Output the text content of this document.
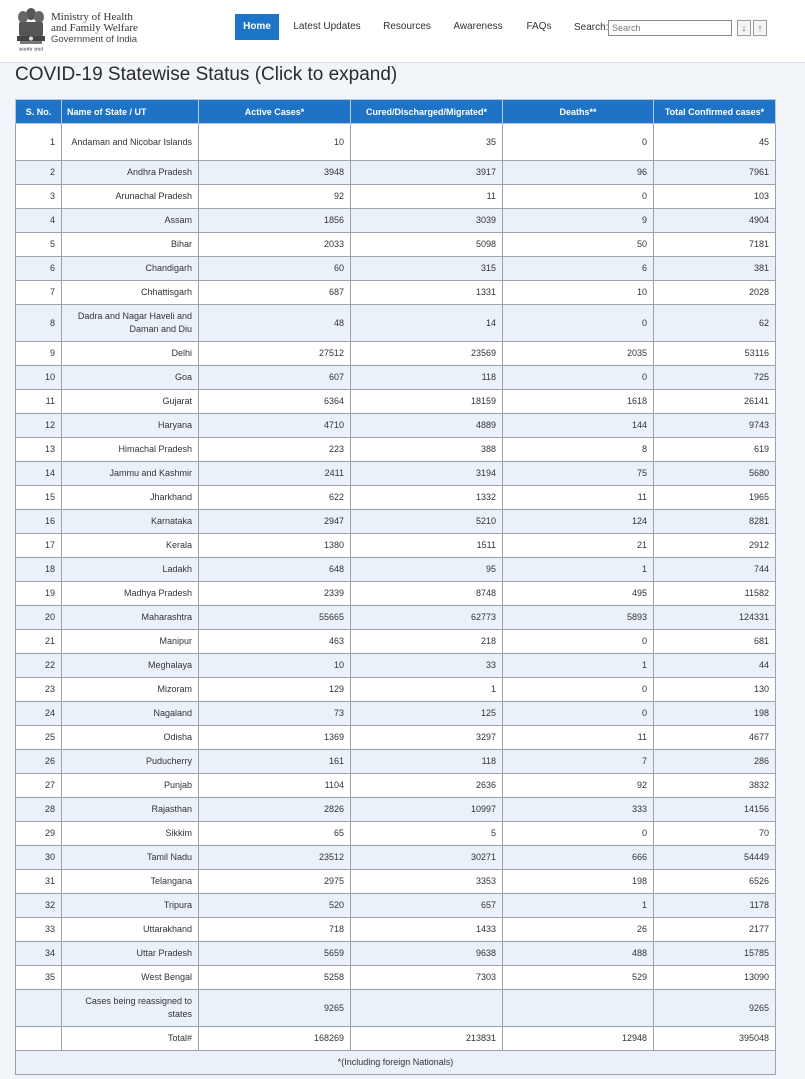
सत्यमेव जयते
Ministry of Health
and Family Welfare
Government of India
Home	Latest Updates	Resources	Awareness	FAQs	Search:
Search	↓	↑
COVID-19 Statewise Status (Click to expand)
S. No.	Name of State / UT	Active Cases*	Cured/Discharged/Migrated*	Deaths**	Total Confirmed cases*
1	Andaman and Nicobar Islands	10	35	0	45
2	Andhra Pradesh	3948	3917	96	7961
3	Arunachal Pradesh	92	11	0	103
4	Assam	1856	3039	9	4904
5	Bihar	2033	5098	50	7181
6	Chandigarh	60	315	6	381
7	Chhattisgarh	687	1331	10	2028
8	Dadra and Nagar Haveli and Daman and Diu	48	14	0	62
9	Delhi	27512	23569	2035	53116
10	Goa	607	118	0	725
11	Gujarat	6364	18159	1618	26141
12	Haryana	4710	4889	144	9743
13	Himachal Pradesh	223	388	8	619
14	Jammu and Kashmir	2411	3194	75	5680
15	Jharkhand	622	1332	11	1965
16	Karnataka	2947	5210	124	8281
17	Kerala	1380	1511	21	2912
18	Ladakh	648	95	1	744
19	Madhya Pradesh	2339	8748	495	11582
20	Maharashtra	55665	62773	5893	124331
21	Manipur	463	218	0	681
22	Meghalaya	10	33	1	44
23	Mizoram	129	1	0	130
24	Nagaland	73	125	0	198
25	Odisha	1369	3297	11	4677
26	Puducherry	161	118	7	286
27	Punjab	1104	2636	92	3832
28	Rajasthan	2826	10997	333	14156
29	Sikkim	65	5	0	70
30	Tamil Nadu	23512	30271	666	54449
31	Telangana	2975	3353	198	6526
32	Tripura	520	657	1	1178
33	Uttarakhand	718	1433	26	2177
34	Uttar Pradesh	5659	9638	488	15785
35	West Bengal	5258	7303	529	13090
	Cases being reassigned to states	9265			9265
	Total#	168269	213831	12948	395048
*(Including foreign Nationals)					
